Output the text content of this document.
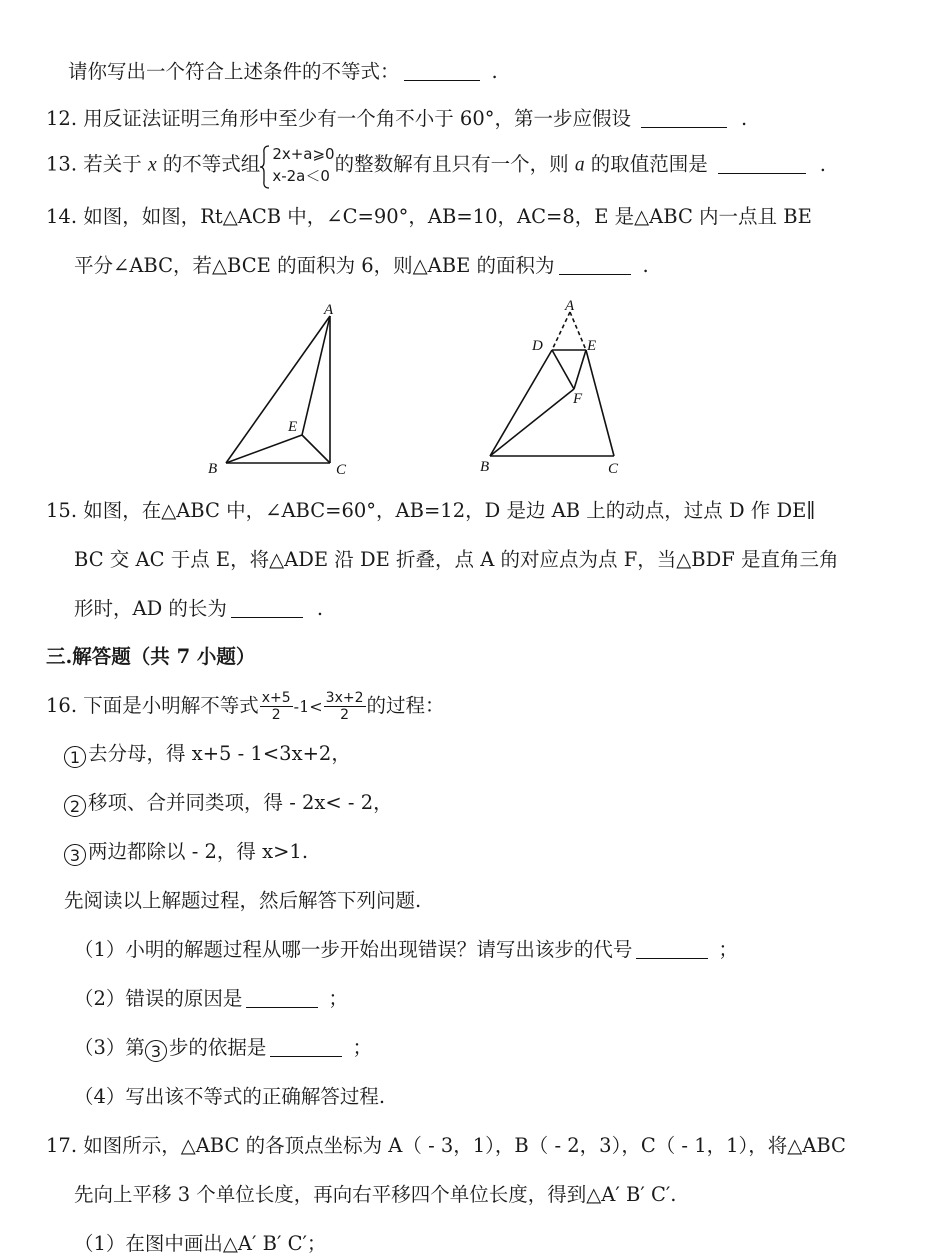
请你写出一个符合上述条件的不等式：	.
12. 用反证法证明三角形中至少有一个角不小于 60°，第一步应假设	.
13. 若关于 x 的不等式组 2x+a⩾0
x-2a＜0
的整数解有且只有一个，则 a 的取值范围是	.
14. 如图，如图，Rt△ACB 中，∠C=90°，AB=10，AC=8，E 是△ABC 内一点且 BE
平分∠ABC，若△BCE 的面积为 6，则△ABE 的面积为	.
A
B	C
E
A
D	E
F
B	C
15. 如图，在△ABC 中，∠ABC=60°，AB=12，D 是边 AB 上的动点，过点 D 作 DE∥
BC 交 AC 于点 E，将△ADE 沿 DE 折叠，点 A 的对应点为点 F，当△BDF 是直角三角
形时，AD 的长为	.
三.解答题（共 7 小题）
16. 下面是小明解不等式 $\frac{x+5}{2} -1< \frac{3x+2}{2}$ 的过程：
1 去分母，得 x+5 - 1<3x+2，
2 移项、合并同类项，得 - 2x< - 2，
3 两边都除以 - 2，得 x>1.
先阅读以上解题过程，然后解答下列问题.
（1）小明的解题过程从哪一步开始出现错误？请写出该步的代号	；
（2）错误的原因是	；
（3）第 3 步的依据是	；
（4）写出该不等式的正确解答过程.
17. 如图所示，△ABC 的各顶点坐标为 A（ - 3，1），B（ - 2，3），C（ - 1，1），将△ABC
先向上平移 3 个单位长度，再向右平移四个单位长度，得到△A′ B′ C′.
（1）在图中画出△A′ B′ C′；
